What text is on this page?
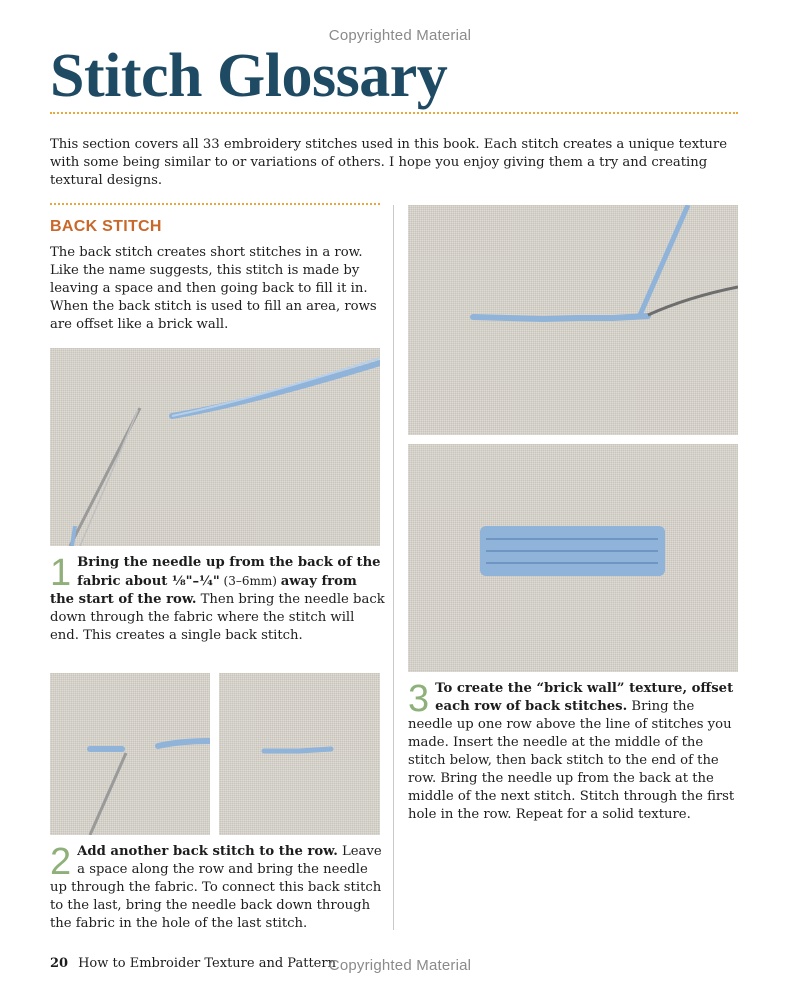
Copyrighted Material
Stitch Glossary

This section covers all 33 embroidery stitches used in this book. Each stitch creates a unique texture with some being similar to or variations of others. I hope you enjoy giving them a try and creating textural designs.

BACK STITCH

The back stitch creates short stitches in a row. Like the name suggests, this stitch is made by leaving a space and then going back to fill it in. When the back stitch is used to fill an area, rows are offset like a brick wall.

1 Bring the needle up from the back of the fabric about ⅛"–¼" (3–6mm) away from the start of the row. Then bring the needle back down through the fabric where the stitch will end. This creates a single back stitch.
2 Add another back stitch to the row. Leave a space along the row and bring the needle up through the fabric. To connect this back stitch to the last, bring the needle back down through the fabric in the hole of the last stitch.
3 To create the “brick wall” texture, offset each row of back stitches. Bring the needle up one row above the line of stitches you made. Insert the needle at the middle of the stitch below, then back stitch to the end of the row. Bring the needle up from the back at the middle of the next stitch. Stitch through the first hole in the row. Repeat for a solid texture.
20 How to Embroider Texture and Pattern
Copyrighted Material
